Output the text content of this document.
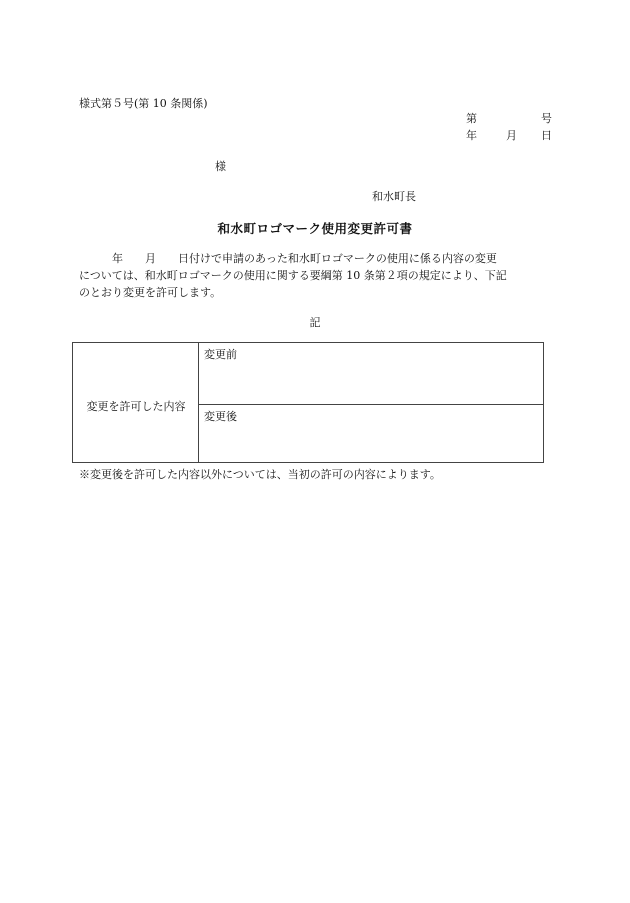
様式第５号(第 10 条関係)
第	号
年	月 日
様
和水町長
和水町ロゴマーク使用変更許可書
　　　年　　月　　日付けで申請のあった和水町ロゴマークの使用に係る内容の変更
については、和水町ロゴマークの使用に関する要綱第 10 条第２項の規定により、下記
のとおり変更を許可します。
記
変更を許可した内容
変更前
変更後
※変更後を許可した内容以外については、当初の許可の内容によります。
